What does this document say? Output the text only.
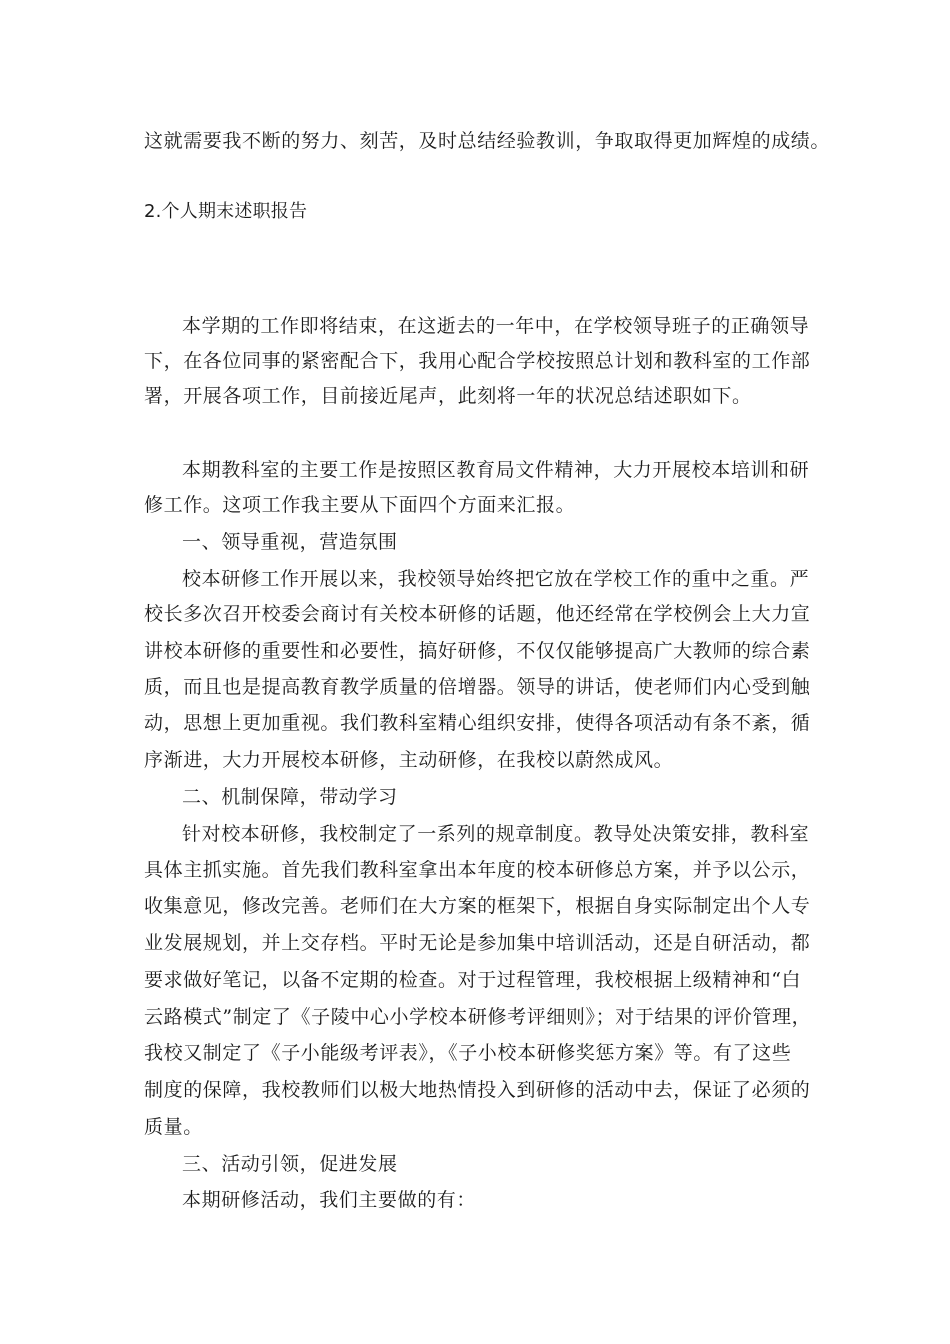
这就需要我不断的努力、刻苦，及时总结经验教训，争取取得更加辉煌的成绩。
2.个人期末述职报告
本学期的工作即将结束，在这逝去的一年中，在学校领导班子的正确领导
下，在各位同事的紧密配合下，我用心配合学校按照总计划和教科室的工作部
署，开展各项工作，目前接近尾声，此刻将一年的状况总结述职如下。
本期教科室的主要工作是按照区教育局文件精神，大力开展校本培训和研
修工作。这项工作我主要从下面四个方面来汇报。
一、领导重视，营造氛围
校本研修工作开展以来，我校领导始终把它放在学校工作的重中之重。严
校长多次召开校委会商讨有关校本研修的话题，他还经常在学校例会上大力宣
讲校本研修的重要性和必要性，搞好研修，不仅仅能够提高广大教师的综合素
质，而且也是提高教育教学质量的倍增器。领导的讲话，使老师们内心受到触
动，思想上更加重视。我们教科室精心组织安排，使得各项活动有条不紊，循
序渐进，大力开展校本研修，主动研修，在我校以蔚然成风。
二、机制保障，带动学习
针对校本研修，我校制定了一系列的规章制度。教导处决策安排，教科室
具体主抓实施。首先我们教科室拿出本年度的校本研修总方案，并予以公示，
收集意见，修改完善。老师们在大方案的框架下，根据自身实际制定出个人专
业发展规划，并上交存档。平时无论是参加集中培训活动，还是自研活动，都
要求做好笔记，以备不定期的检查。对于过程管理，我校根据上级精神和“白
云路模式”制定了《子陵中心小学校本研修考评细则》；对于结果的评价管理，
我校又制定了《子小能级考评表》，《子小校本研修奖惩方案》等。有了这些
制度的保障，我校教师们以极大地热情投入到研修的活动中去，保证了必须的
质量。
三、活动引领，促进发展
本期研修活动，我们主要做的有：
